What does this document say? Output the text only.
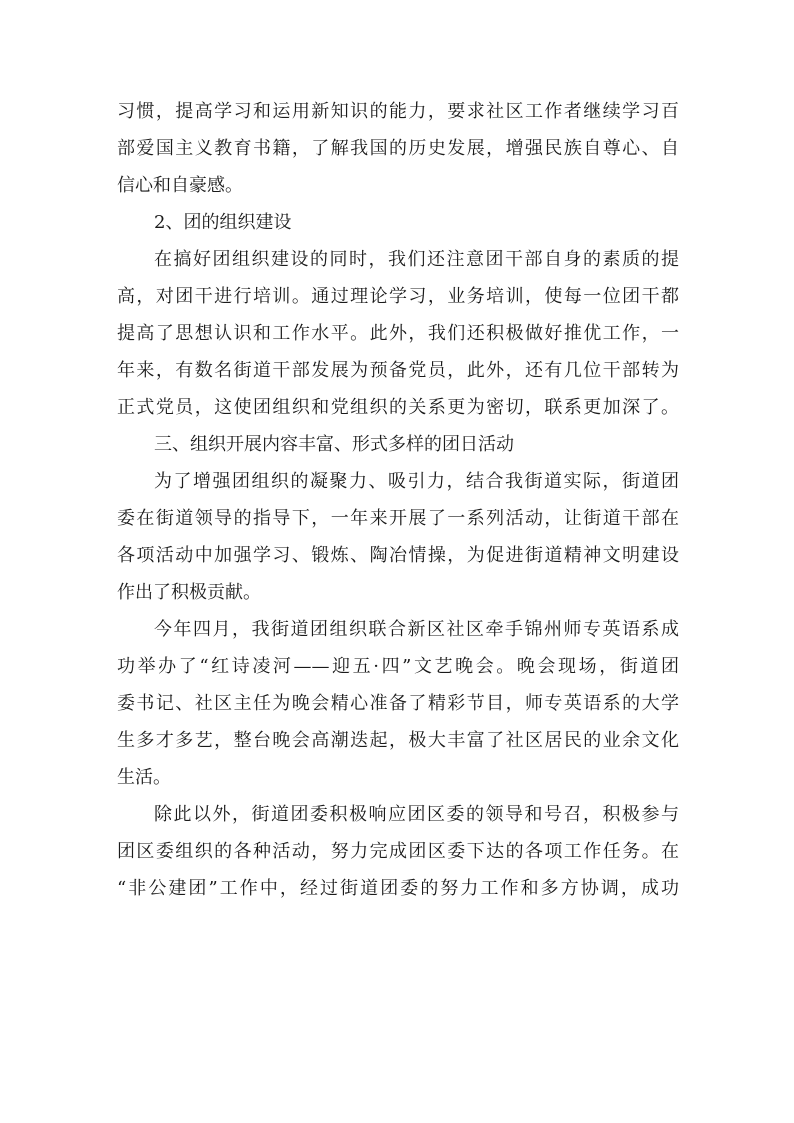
习惯，提高学习和运用新知识的能力，要求社区工作者继续学习百
部爱国主义教育书籍，了解我国的历史发展，增强民族自尊心、自
信心和自豪感。
2、团的组织建设
在搞好团组织建设的同时，我们还注意团干部自身的素质的提
高，对团干进行培训。通过理论学习，业务培训，使每一位团干都
提高了思想认识和工作水平。此外，我们还积极做好推优工作，一
年来，有数名街道干部发展为预备党员，此外，还有几位干部转为
正式党员，这使团组织和党组织的关系更为密切，联系更加深了。
三、组织开展内容丰富、形式多样的团日活动
为了增强团组织的凝聚力、吸引力，结合我街道实际，街道团
委在街道领导的指导下，一年来开展了一系列活动，让街道干部在
各项活动中加强学习、锻炼、陶冶情操，为促进街道精神文明建设
作出了积极贡献。
今年四月，我街道团组织联合新区社区牵手锦州师专英语系成
功举办了“红诗凌河——迎五·四”文艺晚会。晚会现场，街道团
委书记、社区主任为晚会精心准备了精彩节目，师专英语系的大学
生多才多艺，整台晚会高潮迭起，极大丰富了社区居民的业余文化
生活。
除此以外，街道团委积极响应团区委的领导和号召，积极参与
团区委组织的各种活动，努力完成团区委下达的各项工作任务。在
“非公建团”工作中，经过街道团委的努力工作和多方协调，成功
